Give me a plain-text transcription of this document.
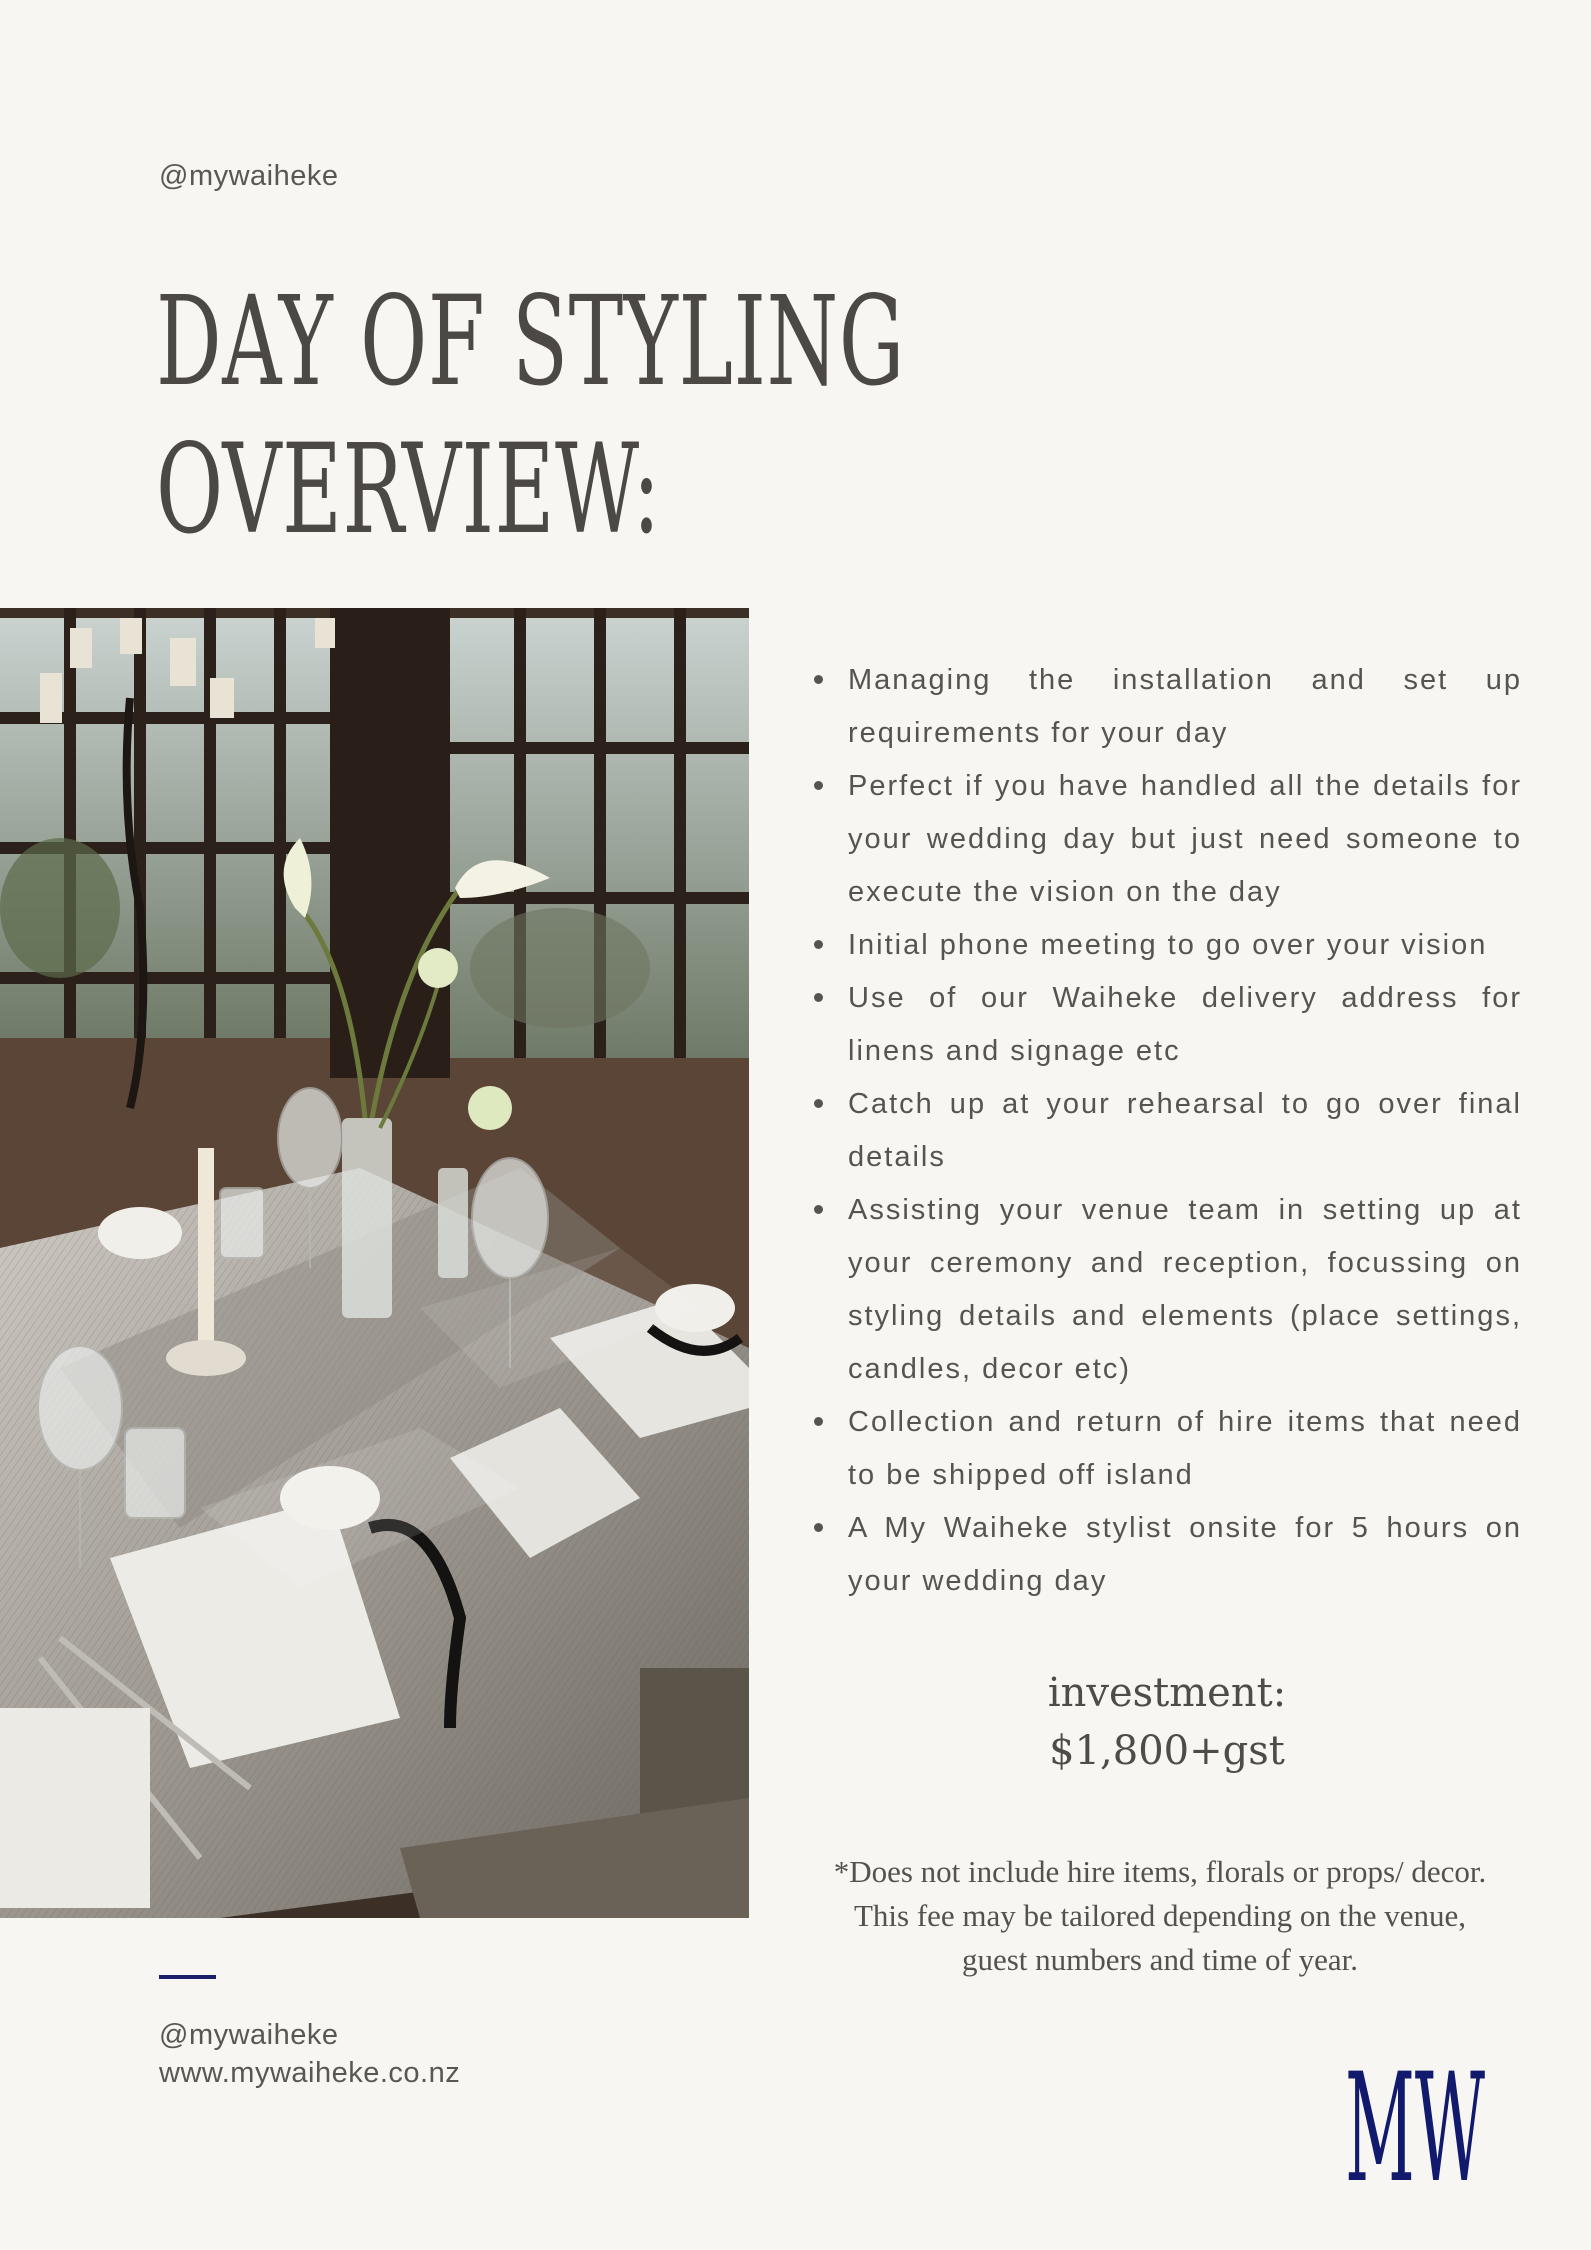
@mywaiheke
DAY OF STYLING
OVERVIEW:
Managing the installation and set up requirements for your day
Perfect if you have handled all the details for your wedding day but just need someone to execute the vision on the day
Initial phone meeting to go over your vision
Use of our Waiheke delivery address for linens and signage etc
Catch up at your rehearsal to go over final details
Assisting your venue team in setting up at your ceremony and reception, focussing on styling details and elements (place settings, candles, decor etc)
Collection and return of hire items that need to be shipped off island
A My Waiheke stylist onsite for 5 hours on your wedding day
investment:
$1,800+gst
*Does not include hire items, florals or props/ decor.
This fee may be tailored depending on the venue,
guest numbers and time of year.
@mywaiheke
www.mywaiheke.co.nz	MW
